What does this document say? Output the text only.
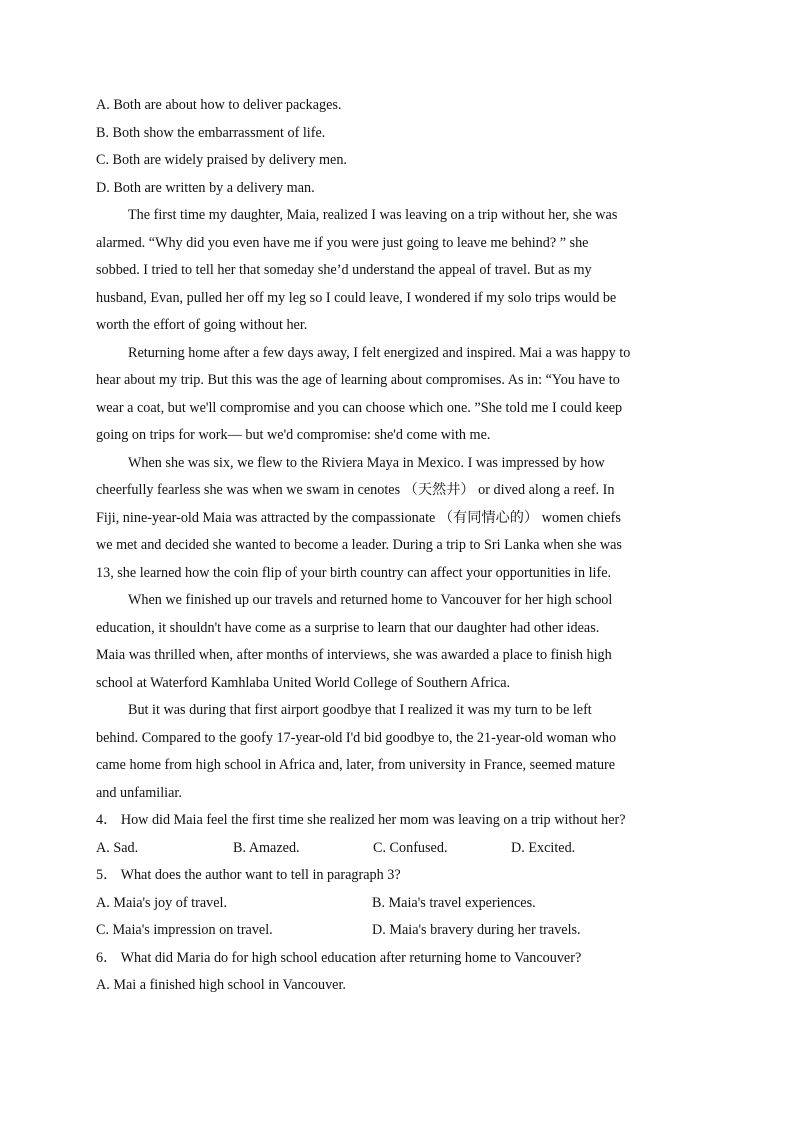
A. Both are about how to deliver packages.
B. Both show the embarrassment of life.
C. Both are widely praised by delivery men.
D. Both are written by a delivery man.
The first time my daughter, Maia, realized I was leaving on a trip without her, she was
alarmed. “Why did you even have me if you were just going to leave me behind? ” she
sobbed. I tried to tell her that someday she’d understand the appeal of travel. But as my
husband, Evan, pulled her off my leg so I could leave, I wondered if my solo trips would be
worth the effort of going without her.
Returning home after a few days away, I felt energized and inspired. Mai a was happy to
hear about my trip. But this was the age of learning about compromises. As in: “You have to
wear a coat, but we'll compromise and you can choose which one. ”She told me I could keep
going on trips for work— but we'd compromise: she'd come with me.
When she was six, we flew to the Riviera Maya in Mexico. I was impressed by how
cheerfully fearless she was when we swam in cenotes （天然井） or dived along a reef. In
Fiji, nine-year-old Maia was attracted by the compassionate （有同情心的） women chiefs
we met and decided she wanted to become a leader. During a trip to Sri Lanka when she was
13, she learned how the coin flip of your birth country can affect your opportunities in life.
When we finished up our travels and returned home to Vancouver for her high school
education, it shouldn't have come as a surprise to learn that our daughter had other ideas.
Maia was thrilled when, after months of interviews, she was awarded a place to finish high
school at Waterford Kamhlaba United World College of Southern Africa.
But it was during that first airport goodbye that I realized it was my turn to be left
behind. Compared to the goofy 17-year-old I'd bid goodbye to, the 21-year-old woman who
came home from high school in Africa and, later, from university in France, seemed mature
and unfamiliar.
4． How did Maia feel the first time she realized her mom was leaving on a trip without her?
A. Sad.	B. Amazed.	C. Confused.	D. Excited.
5． What does the author want to tell in paragraph 3?
A. Maia's joy of travel.	B. Maia's travel experiences.
C. Maia's impression on travel.	D. Maia's bravery during her travels.
6． What did Maria do for high school education after returning home to Vancouver?
A. Mai a finished high school in Vancouver.
